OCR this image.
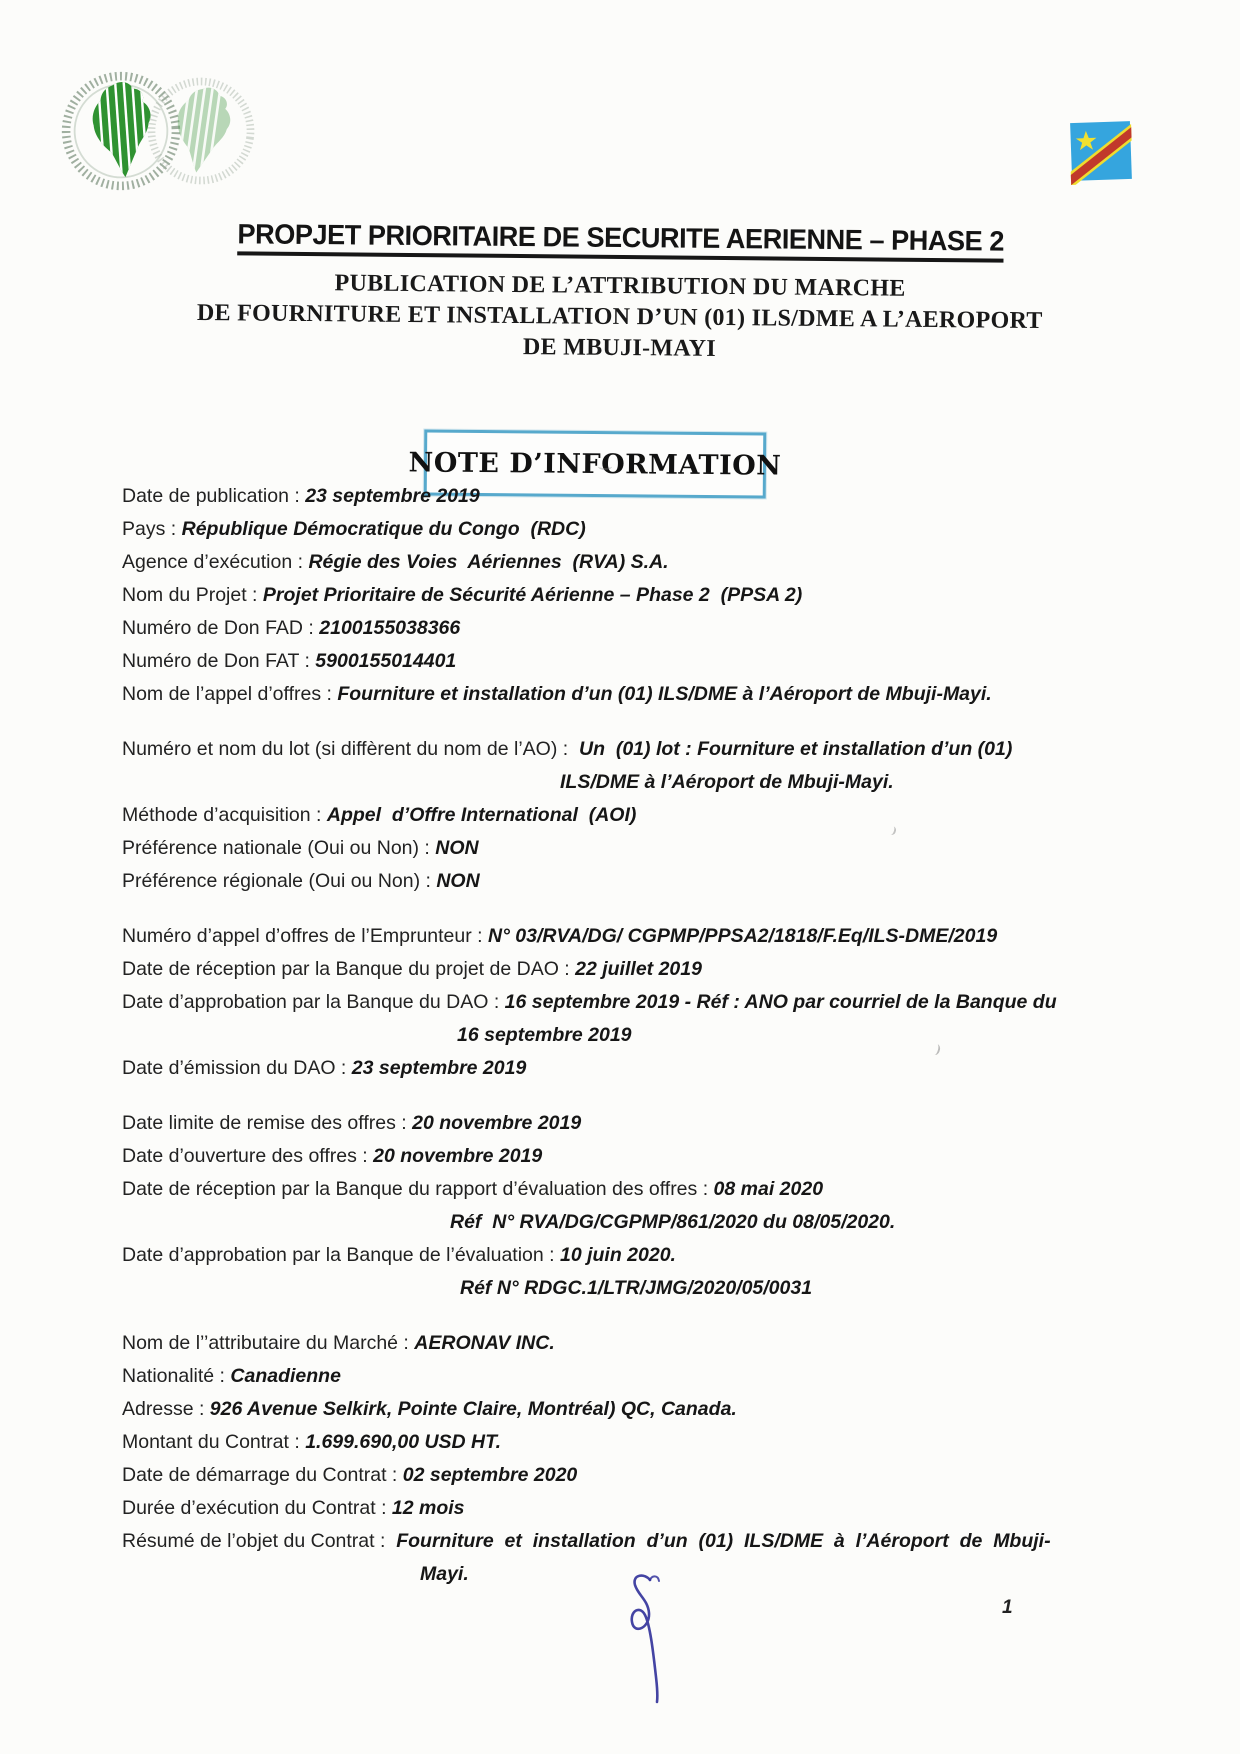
PROPJET PRIORITAIRE DE SECURITE AERIENNE – PHASE 2
PUBLICATION DE L’ATTRIBUTION DU MARCHE
DE FOURNITURE ET INSTALLATION D’UN (01) ILS/DME A L’AEROPORT
DE MBUJI-MAYI
NOTE D’INFORMATION
Date de publication : 23 septembre 2019
Pays : République Démocratique du Congo  (RDC)
Agence d’exécution : Régie des Voies  Aériennes  (RVA) S.A.
Nom du Projet : Projet Prioritaire de Sécurité Aérienne – Phase 2  (PPSA 2)
Numéro de Don FAD : 2100155038366
Numéro de Don FAT : 5900155014401
Nom de l’appel d’offres : Fourniture et installation d’un (01) ILS/DME à l’Aéroport de Mbuji-Mayi.
Numéro et nom du lot (si diffèrent du nom de l’AO) :  Un  (01) lot : Fourniture et installation d’un (01)
ILS/DME à l’Aéroport de Mbuji-Mayi.
Méthode d’acquisition : Appel  d’Offre International  (AOI)
Préférence nationale (Oui ou Non) : NON
Préférence régionale (Oui ou Non) : NON
Numéro d’appel d’offres de l’Emprunteur : N° 03/RVA/DG/ CGPMP/PPSA2/1818/F.Eq/ILS-DME/2019
Date de réception par la Banque du projet de DAO : 22 juillet 2019
Date d’approbation par la Banque du DAO : 16 septembre 2019 - Réf : ANO par courriel de la Banque du
16 septembre 2019
Date d’émission du DAO : 23 septembre 2019
Date limite de remise des offres : 20 novembre 2019
Date d’ouverture des offres : 20 novembre 2019
Date de réception par la Banque du rapport d’évaluation des offres : 08 mai 2020
Réf  N° RVA/DG/CGPMP/861/2020 du 08/05/2020.
Date d’approbation par la Banque de l’évaluation : 10 juin 2020.
Réf N° RDGC.1/LTR/JMG/2020/05/0031
Nom de l’’attributaire du Marché : AERONAV INC.
Nationalité : Canadienne
Adresse : 926 Avenue Selkirk, Pointe Claire, Montréal) QC, Canada.
Montant du Contrat : 1.699.690,00 USD HT.
Date de démarrage du Contrat : 02 septembre 2020
Durée d’exécution du Contrat : 12 mois
Résumé de l’objet du Contrat :  Fourniture  et  installation  d’un  (01)  ILS/DME  à  l’Aéroport  de  Mbuji-
Mayi.
1
